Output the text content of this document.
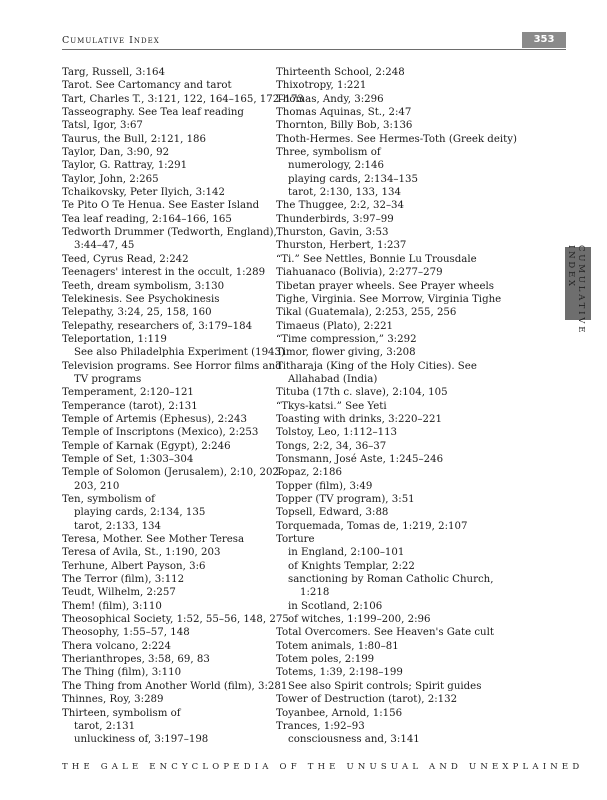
Cumulative Index	353
CUMULATIVE INDEX
Targ, Russell, 3:164
Tarot. See Cartomancy and tarot
Tart, Charles T., 3:121, 122, 164–165, 172–173
Tasseography. See Tea leaf reading
Tatsl, Igor, 3:67
Taurus, the Bull, 2:121, 186
Taylor, Dan, 3:90, 92
Taylor, G. Rattray, 1:291
Taylor, John, 2:265
Tchaikovsky, Peter Ilyich, 3:142
Te Pito O Te Henua. See Easter Island
Tea leaf reading, 2:164–166, 165
Tedworth Drummer (Tedworth, England), 3:44–47, 45
Teed, Cyrus Read, 2:242
Teenagers' interest in the occult, 1:289
Teeth, dream symbolism, 3:130
Telekinesis. See Psychokinesis
Telepathy, 3:24, 25, 158, 160
Telepathy, researchers of, 3:179–184
Teleportation, 1:119
See also Philadelphia Experiment (1943)
Television programs. See Horror films and TV programs
Temperament, 2:120–121
Temperance (tarot), 2:131
Temple of Artemis (Ephesus), 2:243
Temple of Inscriptons (Mexico), 2:253
Temple of Karnak (Egypt), 2:246
Temple of Set, 1:303–304
Temple of Solomon (Jerusalem), 2:10, 202–203, 210
Ten, symbolism of
playing cards, 2:134, 135
tarot, 2:133, 134
Teresa, Mother. See Mother Teresa
Teresa of Avila, St., 1:190, 203
Terhune, Albert Payson, 3:6
The Terror (film), 3:112
Teudt, Wilhelm, 2:257
Them! (film), 3:110
Theosophical Society, 1:52, 55–56, 148, 275
Theosophy, 1:55–57, 148
Thera volcano, 2:224
Therianthropes, 3:58, 69, 83
The Thing (film), 3:110
The Thing from Another World (film), 3:281
Thinnes, Roy, 3:289
Thirteen, symbolism of
tarot, 2:131
unluckiness of, 3:197–198
Thirteenth School, 2:248
Thixotropy, 1:221
Thomas, Andy, 3:296
Thomas Aquinas, St., 2:47
Thornton, Billy Bob, 3:136
Thoth-Hermes. See Hermes-Toth (Greek deity)
Three, symbolism of
numerology, 2:146
playing cards, 2:134–135
tarot, 2:130, 133, 134
The Thuggee, 2:2, 32–34
Thunderbirds, 3:97–99
Thurston, Gavin, 3:53
Thurston, Herbert, 1:237
“Ti.” See Nettles, Bonnie Lu Trousdale
Tiahuanaco (Bolivia), 2:277–279
Tibetan prayer wheels. See Prayer wheels
Tighe, Virginia. See Morrow, Virginia Tighe
Tikal (Guatemala), 2:253, 255, 256
Timaeus (Plato), 2:221
“Time compression,” 3:292
Timor, flower giving, 3:208
Titharaja (King of the Holy Cities). See Allahabad (India)
Tituba (17th c. slave), 2:104, 105
“Tkys-katsi.” See Yeti
Toasting with drinks, 3:220–221
Tolstoy, Leo, 1:112–113
Tongs, 2:2, 34, 36–37
Tonsmann, José Aste, 1:245–246
Topaz, 2:186
Topper (film), 3:49
Topper (TV program), 3:51
Topsell, Edward, 3:88
Torquemada, Tomas de, 1:219, 2:107
Torture
in England, 2:100–101
of Knights Templar, 2:22
sanctioning by Roman Catholic Church, 1:218
in Scotland, 2:106
of witches, 1:199–200, 2:96
Total Overcomers. See Heaven's Gate cult
Totem animals, 1:80–81
Totem poles, 2:199
Totems, 1:39, 2:198–199
See also Spirit controls; Spirit guides
Tower of Destruction (tarot), 2:132
Toyanbee, Arnold, 1:156
Trances, 1:92–93
consciousness and, 3:141
THE GALE ENCYCLOPEDIA OF THE UNUSUAL AND UNEXPLAINED
